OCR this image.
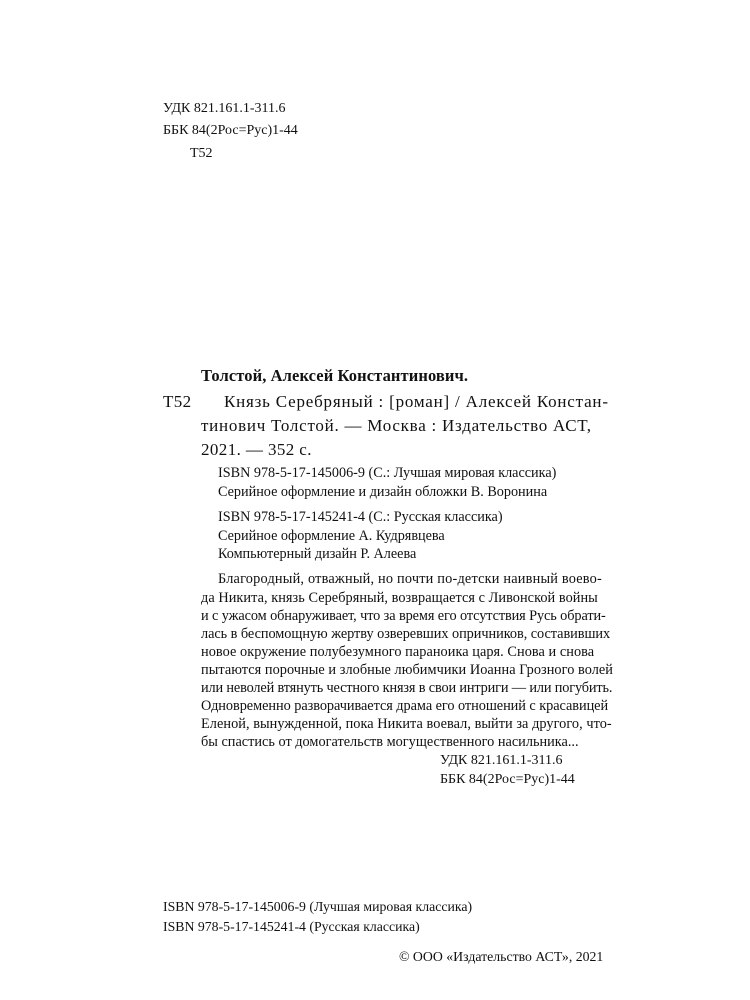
УДК 821.161.1-311.6
ББК 84(2Рос=Рус)1-44
Т52
Толстой, Алексей Константинович.
Т52 Князь Серебряный : [роман] / Алексей Констан-
тинович Толстой. — Москва : Издательство АСТ,
2021. — 352 с.
ISBN 978-5-17-145006-9 (С.: Лучшая мировая классика)
Серийное оформление и дизайн обложки В. Воронина
ISBN 978-5-17-145241-4 (С.: Русская классика)
Серийное оформление А. Кудрявцева
Компьютерный дизайн Р. Алеева
Благородный, отважный, но почти по-детски наивный воево-
да Никита, князь Серебряный, возвращается с Ливонской войны
и с ужасом обнаруживает, что за время его отсутствия Русь обрати-
лась в беспомощную жертву озверевших опричников, составивших
новое окружение полубезумного параноика царя. Снова и снова
пытаются порочные и злобные любимчики Иоанна Грозного волей
или неволей втянуть честного князя в свои интриги — или погубить.
Одновременно разворачивается драма его отношений с красавицей
Еленой, вынужденной, пока Никита воевал, выйти за другого, что-
бы спастись от домогательств могущественного насильника...
УДК 821.161.1-311.6
ББК 84(2Рос=Рус)1-44
ISBN 978-5-17-145006-9 (Лучшая мировая классика)
ISBN 978-5-17-145241-4 (Русская классика)
© ООО «Издательство АСТ», 2021
